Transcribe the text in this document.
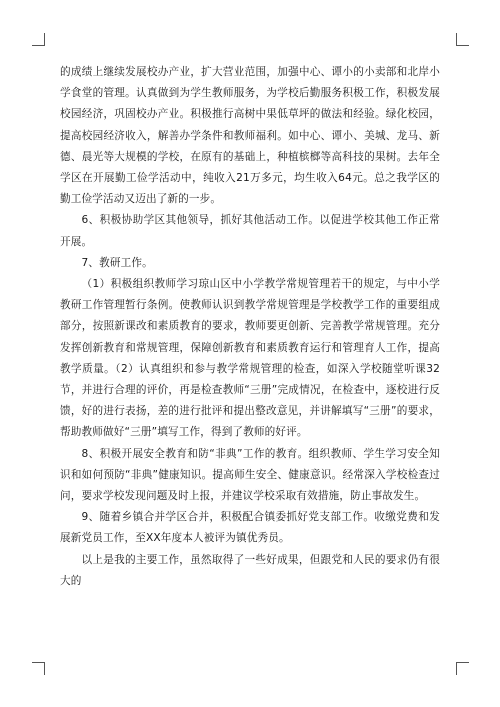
的成绩上继续发展校办产业，扩大营业范围，加强中心、谭小的小卖部和北岸小学食堂的管理。认真做到为学生教师服务，为学校后勤服务积极工作，积极发展校园经济，巩固校办产业。积极推行高树中果低草坪的做法和经验。绿化校园，提高校园经济收入，解善办学条件和教师福利。如中心、谭小、美城、龙马、新德、晨光等大规模的学校，在原有的基础上，种植槟榔等高科技的果树。去年全学区在开展勤工俭学活动中，纯收入21万多元，均生收入64元。总之我学区的勤工俭学活动又迈出了新的一步。

6、积极协助学区其他领导，抓好其他活动工作。以促进学校其他工作正常开展。

7、教研工作。

（1）积极组织教师学习琼山区中小学教学常规管理若干的规定，与中小学教研工作管理暂行条例。使教师认识到教学常规管理是学校教学工作的重要组成部分，按照新课改和素质教育的要求，教师要更创新、完善教学常规管理。充分发挥创新教育和常规管理，保障创新教育和素质教育运行和管理育人工作，提高教学质量。（2）认真组织和参与教学常规管理的检查，如深入学校随堂听课32节，并进行合理的评价，再是检查教师“三册”完成情况，在检查中，逐校进行反馈，好的进行表扬，差的进行批评和提出整改意见，并讲解填写“三册”的要求，帮助教师做好“三册”填写工作，得到了教师的好评。

8、积极开展安全教育和防“非典”工作的教育。组织教师、学生学习安全知识和如何预防“非典”健康知识。提高师生安全、健康意识。经常深入学校检查过问，要求学校发现问题及时上报，并建议学校采取有效措施，防止事故发生。

9、随着乡镇合并学区合并，积极配合镇委抓好党支部工作。收缴党费和发展新党员工作，至XX年度本人被评为镇优秀员。

以上是我的主要工作，虽然取得了一些好成果，但跟党和人民的要求仍有很大的
